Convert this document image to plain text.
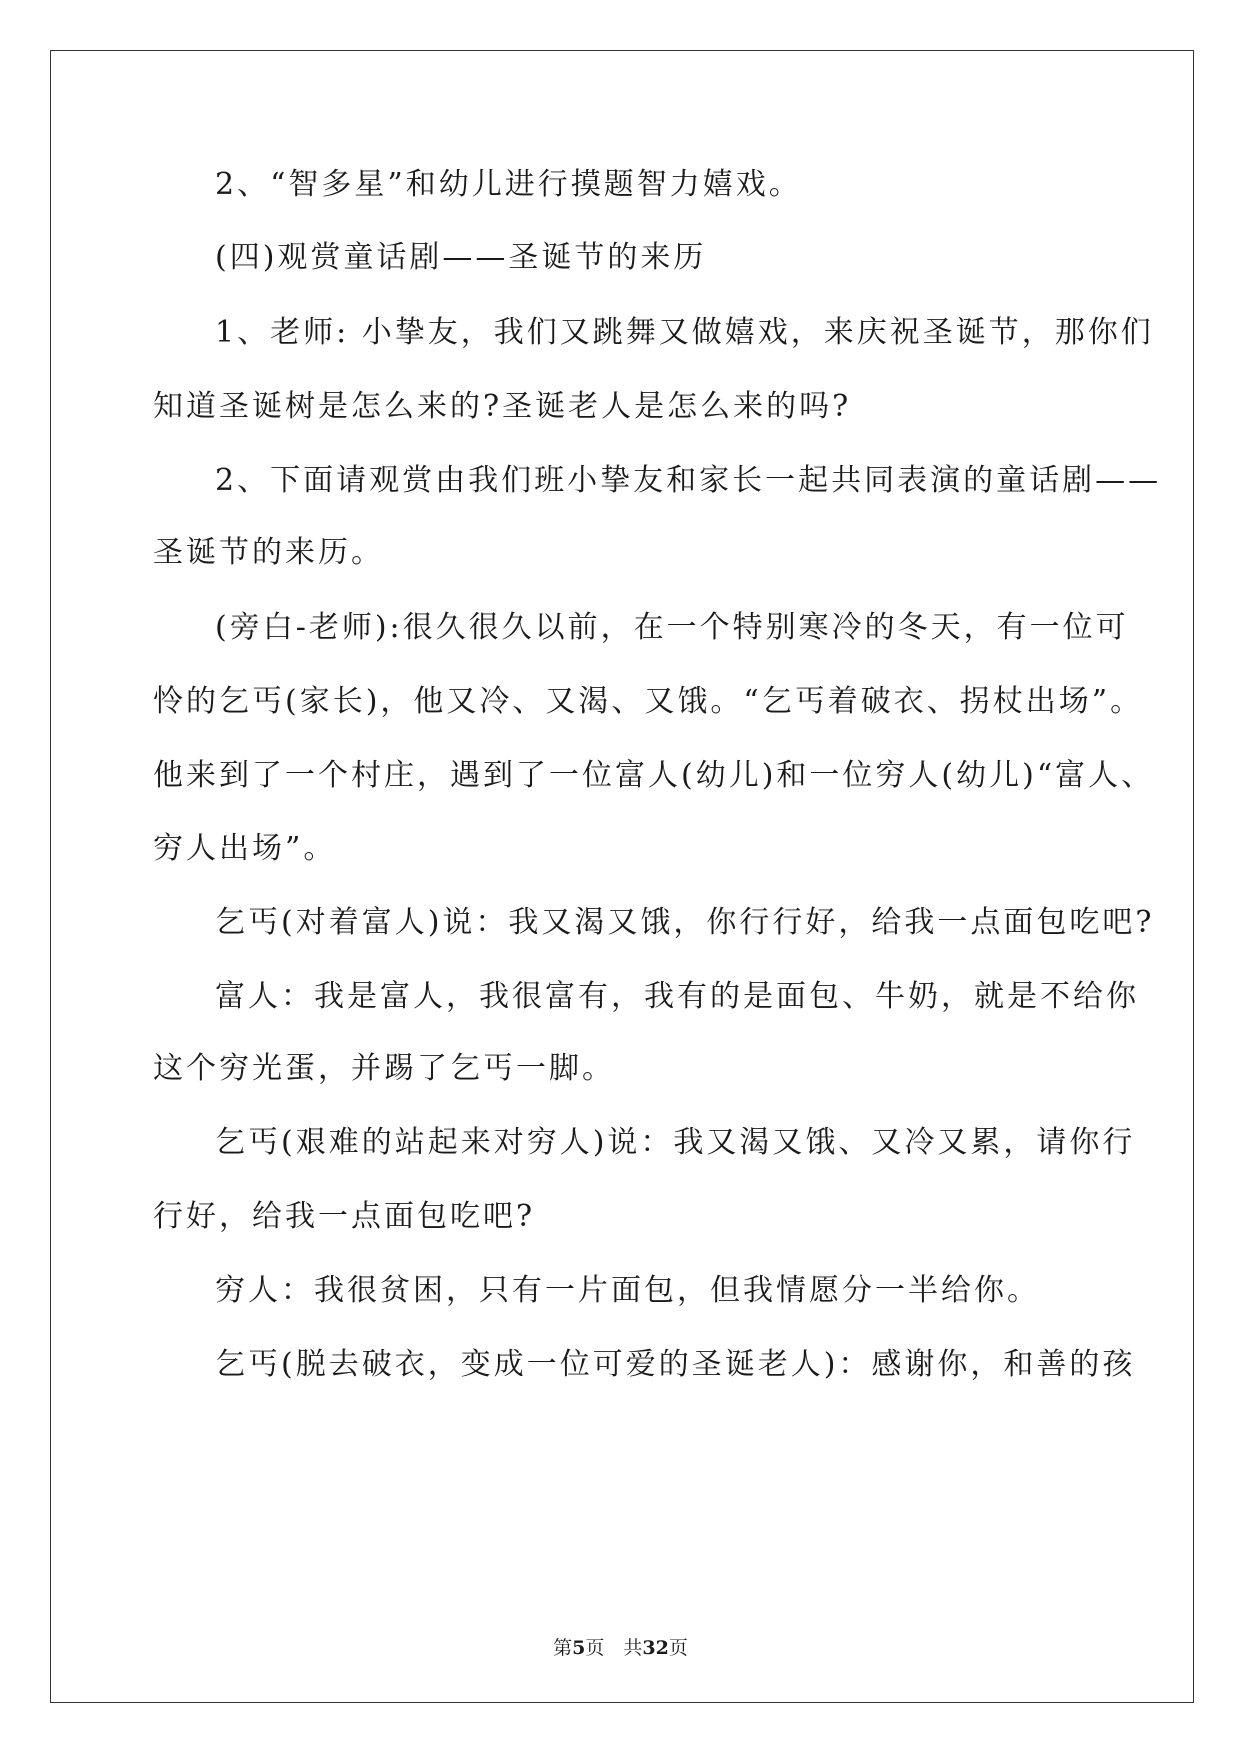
2、“智多星”和幼儿进行摸题智力嬉戏。
(四)观赏童话剧——圣诞节的来历
1、老师: 小挚友，我们又跳舞又做嬉戏，来庆祝圣诞节，那你们
知道圣诞树是怎么来的?圣诞老人是怎么来的吗?
2、下面请观赏由我们班小挚友和家长一起共同表演的童话剧——
圣诞节的来历。
(旁白-老师):很久很久以前，在一个特别寒冷的冬天，有一位可
怜的乞丐(家长)，他又冷、又渴、又饿。“乞丐着破衣、拐杖出场”。
他来到了一个村庄，遇到了一位富人(幼儿)和一位穷人(幼儿)“富人、
穷人出场”。
乞丐(对着富人)说：我又渴又饿，你行行好，给我一点面包吃吧?
富人：我是富人，我很富有，我有的是面包、牛奶，就是不给你
这个穷光蛋，并踢了乞丐一脚。
乞丐(艰难的站起来对穷人)说：我又渴又饿、又冷又累，请你行
行好，给我一点面包吃吧?
穷人：我很贫困，只有一片面包，但我情愿分一半给你。
乞丐(脱去破衣，变成一位可爱的圣诞老人)：感谢你，和善的孩
第5页　共32页
